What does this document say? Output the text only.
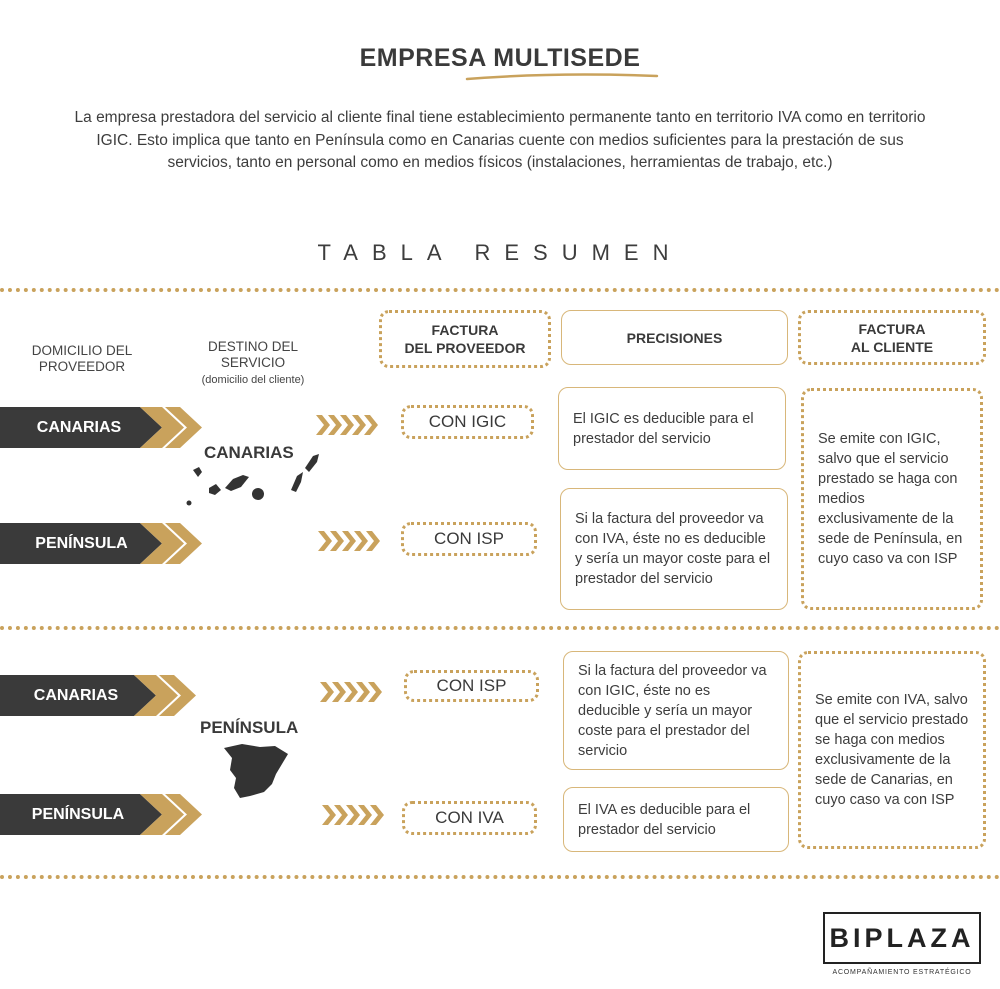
EMPRESA MULTISEDE
La empresa prestadora del servicio al cliente final tiene establecimiento permanente tanto en territorio IVA como en territorio IGIC. Esto implica que tanto en Península como en Canarias cuente con medios suficientes para la prestación de sus servicios, tanto en personal como en medios físicos (instalaciones, herramientas de trabajo, etc.)
TABLA RESUMEN
DOMICILIO DEL PROVEEDOR
DESTINO DEL SERVICIO
(domicilio del cliente)
FACTURA
DEL PROVEEDOR
PRECISIONES
FACTURA
AL CLIENTE
CANARIAS
PENÍNSULA
CANARIAS
CON IGIC
CON ISP
El IGIC es deducible para el prestador del servicio
Si la factura del proveedor va con IVA, éste no es deducible y sería un mayor coste para el prestador del servicio
Se emite con IGIC, salvo que el servicio prestado se haga con medios exclusivamente de la sede de Península, en cuyo caso va con ISP
CANARIAS
PENÍNSULA
PENÍNSULA
CON ISP
CON IVA
Si la factura del proveedor va con IGIC, éste no es deducible y sería un mayor coste para el prestador del servicio
El IVA es deducible para el prestador del servicio
Se emite con IVA, salvo que el servicio prestado se haga con medios exclusivamente de la sede de Canarias, en cuyo caso va con ISP
BIPLAZA
ACOMPAÑAMIENTO ESTRATÉGICO
